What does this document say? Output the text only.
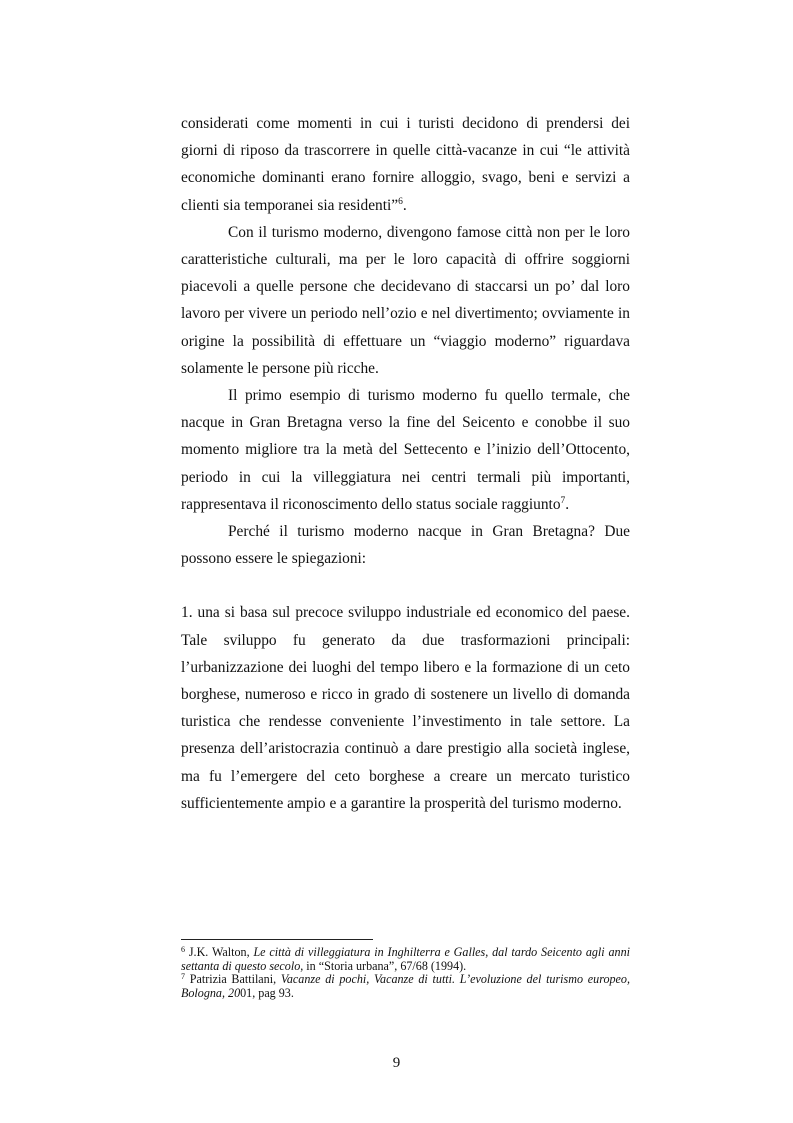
considerati come momenti in cui i turisti decidono di prendersi dei giorni di riposo da trascorrere in quelle città-vacanze in cui “le attività economiche dominanti erano fornire alloggio, svago, beni e servizi a clienti sia temporanei sia residenti”$^6$.

Con il turismo moderno, divengono famose città non per le loro caratteristiche culturali, ma per le loro capacità di offrire soggiorni piacevoli a quelle persone che decidevano di staccarsi un po’ dal loro lavoro per vivere un periodo nell’ozio e nel divertimento; ovviamente in origine la possibilità di effettuare un “viaggio moderno” riguardava solamente le persone più ricche.

Il primo esempio di turismo moderno fu quello termale, che nacque in Gran Bretagna verso la fine del Seicento e conobbe il suo momento migliore tra la metà del Settecento e l’inizio dell’Ottocento, periodo in cui la villeggiatura nei centri termali più importanti, rappresentava il riconoscimento dello status sociale raggiunto$^7$.

Perché il turismo moderno nacque in Gran Bretagna? Due possono essere le spiegazioni:

1. una si basa sul precoce sviluppo industriale ed economico del paese. Tale sviluppo fu generato da due trasformazioni principali: l’urbanizzazione dei luoghi del tempo libero e la formazione di un ceto borghese, numeroso e ricco in grado di sostenere un livello di domanda turistica che rendesse conveniente l’investimento in tale settore. La presenza dell’aristocrazia continuò a dare prestigio alla società inglese, ma fu l’emergere del ceto borghese a creare un mercato turistico sufficientemente ampio e a garantire la prosperità del turismo moderno.

$^6$ J.K. Walton, Le città di villeggiatura in Inghilterra e Galles, dal tardo Seicento agli anni settanta di questo secolo, in “Storia urbana”, 67/68 (1994).

$^7$ Patrizia Battilani, Vacanze di pochi, Vacanze di tutti. L’evoluzione del turismo europeo, Bologna, 2001, pag 93.

9
